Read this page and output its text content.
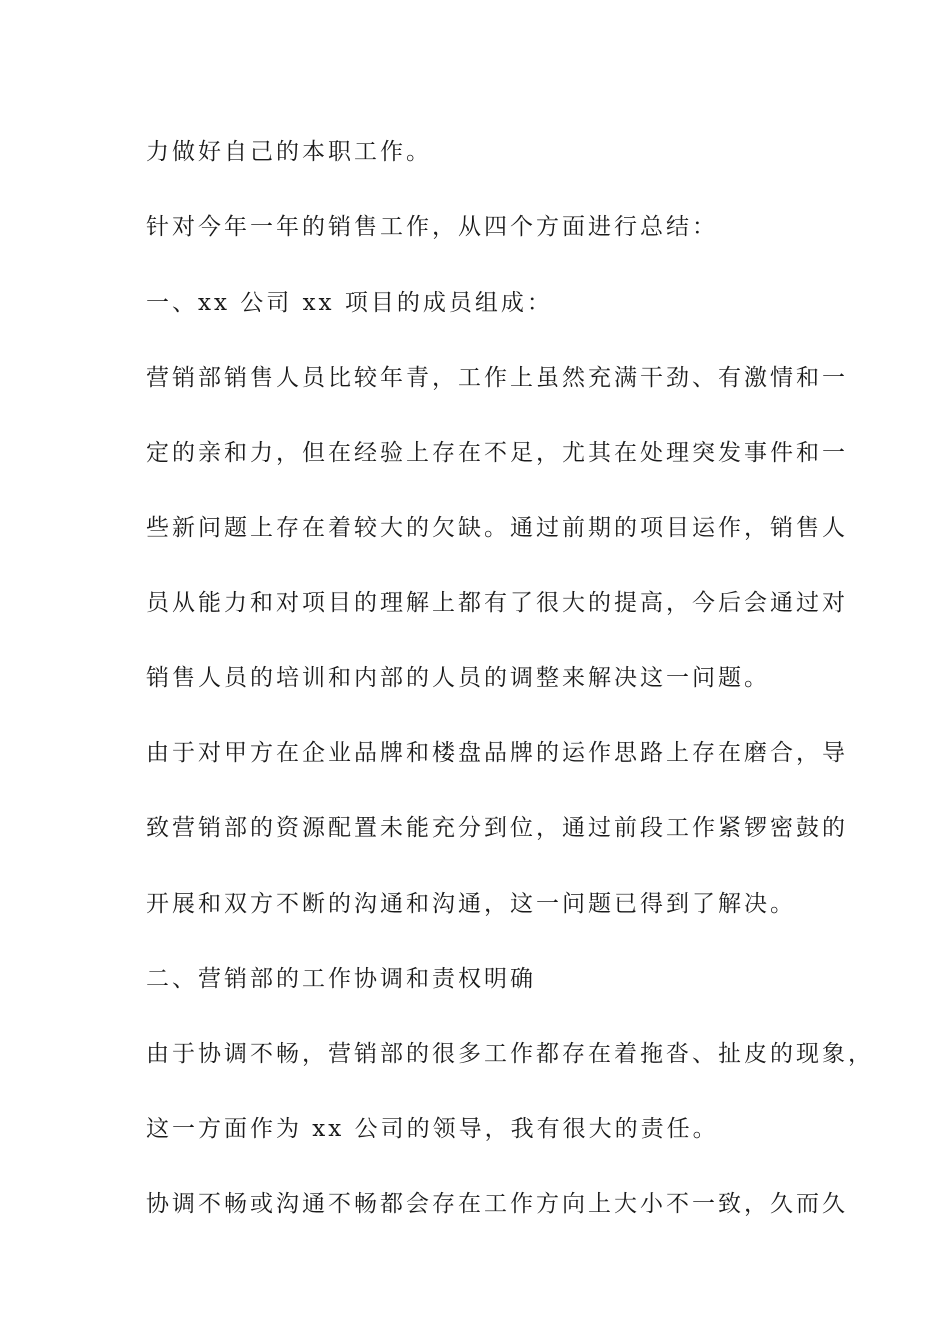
力做好自己的本职工作。

针对今年一年的销售工作，从四个方面进行总结：

一、xx 公司 xx 项目的成员组成：

营销部销售人员比较年青，工作上虽然充满干劲、有激情和一

定的亲和力，但在经验上存在不足，尤其在处理突发事件和一

些新问题上存在着较大的欠缺。通过前期的项目运作，销售人

员从能力和对项目的理解上都有了很大的提高，今后会通过对

销售人员的培训和内部的人员的调整来解决这一问题。

由于对甲方在企业品牌和楼盘品牌的运作思路上存在磨合，导

致营销部的资源配置未能充分到位，通过前段工作紧锣密鼓的

开展和双方不断的沟通和沟通，这一问题已得到了解决。

二、营销部的工作协调和责权明确

由于协调不畅，营销部的很多工作都存在着拖沓、扯皮的现象，

这一方面作为 xx 公司的领导，我有很大的责任。

协调不畅或沟通不畅都会存在工作方向上大小不一致，久而久
